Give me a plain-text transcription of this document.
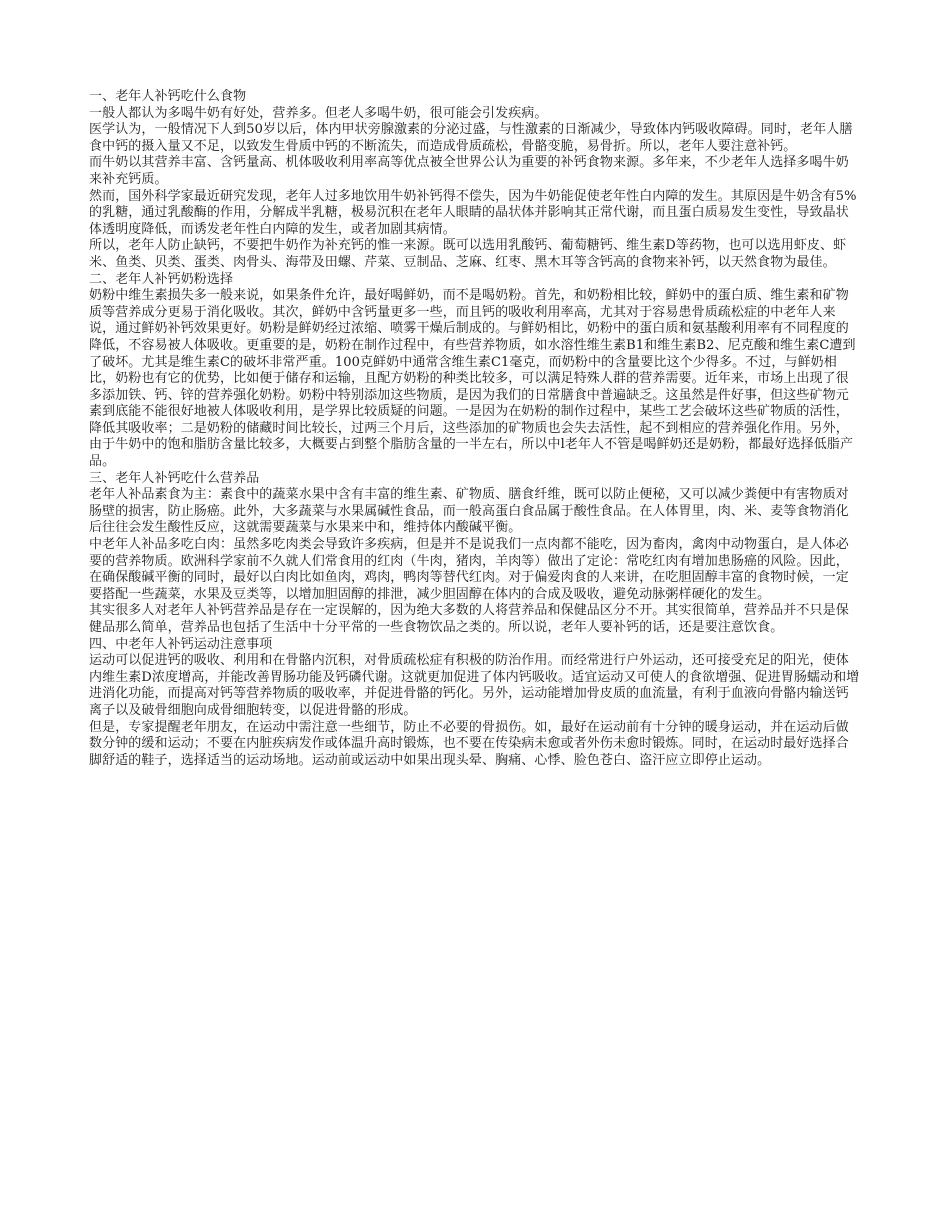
一、老年人补钙吃什么食物

一般人都认为多喝牛奶有好处，营养多。但老人多喝牛奶，很可能会引发疾病。

医学认为，一般情况下人到50岁以后，体内甲状旁腺激素的分泌过盛，与性激素的日渐减少，导致体内钙吸收障碍。同时，老年人膳食中钙的摄入量又不足，以致发生骨质中钙的不断流失，而造成骨质疏松，骨骼变脆，易骨折。所以，老年人要注意补钙。

而牛奶以其营养丰富、含钙量高、机体吸收利用率高等优点被全世界公认为重要的补钙食物来源。多年来，不少老年人选择多喝牛奶来补充钙质。

然而，国外科学家最近研究发现，老年人过多地饮用牛奶补钙得不偿失，因为牛奶能促使老年性白内障的发生。其原因是牛奶含有5%的乳糖，通过乳酸酶的作用，分解成半乳糖，极易沉积在老年人眼睛的晶状体并影响其正常代谢，而且蛋白质易发生变性，导致晶状体透明度降低，而诱发老年性白内障的发生，或者加剧其病情。

所以，老年人防止缺钙，不要把牛奶作为补充钙的惟一来源。既可以选用乳酸钙、葡萄糖钙、维生素D等药物，也可以选用虾皮、虾米、鱼类、贝类、蛋类、肉骨头、海带及田螺、芹菜、豆制品、芝麻、红枣、黑木耳等含钙高的食物来补钙，以天然食物为最佳。

二、老年人补钙奶粉选择

奶粉中维生素损失多一般来说，如果条件允许，最好喝鲜奶，而不是喝奶粉。首先，和奶粉相比较，鲜奶中的蛋白质、维生素和矿物质等营养成分更易于消化吸收。其次，鲜奶中含钙量更多一些，而且钙的吸收利用率高，尤其对于容易患骨质疏松症的中老年人来说，通过鲜奶补钙效果更好。奶粉是鲜奶经过浓缩、喷雾干燥后制成的。与鲜奶相比，奶粉中的蛋白质和氨基酸利用率有不同程度的降低，不容易被人体吸收。更重要的是，奶粉在制作过程中，有些营养物质，如水溶性维生素B1和维生素B2、尼克酸和维生素C遭到了破坏。尤其是维生素C的破坏非常严重。100克鲜奶中通常含维生素C1毫克，而奶粉中的含量要比这个少得多。不过，与鲜奶相比，奶粉也有它的优势，比如便于储存和运输，且配方奶粉的种类比较多，可以满足特殊人群的营养需要。近年来，市场上出现了很多添加铁、钙、锌的营养强化奶粉。奶粉中特别添加这些物质，是因为我们的日常膳食中普遍缺乏。这虽然是件好事，但这些矿物元素到底能不能很好地被人体吸收利用，是学界比较质疑的问题。一是因为在奶粉的制作过程中，某些工艺会破坏这些矿物质的活性，降低其吸收率；二是奶粉的储藏时间比较长，过两三个月后，这些添加的矿物质也会失去活性，起不到相应的营养强化作用。另外，由于牛奶中的饱和脂肪含量比较多，大概要占到整个脂肪含量的一半左右，所以中l老年人不管是喝鲜奶还是奶粉，都最好选择低脂产品。

三、老年人补钙吃什么营养品

老年人补品素食为主：素食中的蔬菜水果中含有丰富的维生素、矿物质、膳食纤维，既可以防止便秘，又可以减少粪便中有害物质对肠壁的损害，防止肠癌。此外，大多蔬菜与水果属碱性食品，而一般高蛋白食品属于酸性食品。在人体胃里，肉、米、麦等食物消化后往往会发生酸性反应，这就需要蔬菜与水果来中和，维持体内酸碱平衡。

中老年人补品多吃白肉：虽然多吃肉类会导致许多疾病，但是并不是说我们一点肉都不能吃，因为畜肉，禽肉中动物蛋白，是人体必要的营养物质。欧洲科学家前不久就人们常食用的红肉（牛肉，猪肉，羊肉等）做出了定论：常吃红肉有增加患肠癌的风险。因此，在确保酸碱平衡的同时，最好以白肉比如鱼肉，鸡肉，鸭肉等替代红肉。对于偏爱肉食的人来讲，在吃胆固醇丰富的食物时候，一定要搭配一些蔬菜，水果及豆类等，以增加胆固醇的排泄，减少胆固醇在体内的合成及吸收，避免动脉粥样硬化的发生。

其实很多人对老年人补钙营养品是存在一定误解的，因为绝大多数的人将营养品和保健品区分不开。其实很简单，营养品并不只是保健品那么简单，营养品也包括了生活中十分平常的一些食物饮品之类的。所以说，老年人要补钙的话，还是要注意饮食。

四、中老年人补钙运动注意事项

运动可以促进钙的吸收、利用和在骨骼内沉积，对骨质疏松症有积极的防治作用。而经常进行户外运动，还可接受充足的阳光，使体内维生素D浓度增高，并能改善胃肠功能及钙磷代谢。这就更加促进了体内钙吸收。适宜运动又可使人的食欲增强、促进胃肠蠕动和增进消化功能，而提高对钙等营养物质的吸收率，并促进骨骼的钙化。另外，运动能增加骨皮质的血流量，有利于血液向骨骼内输送钙离子以及破骨细胞向成骨细胞转变，以促进骨骼的形成。

但是，专家提醒老年朋友，在运动中需注意一些细节，防止不必要的骨损伤。如，最好在运动前有十分钟的暖身运动，并在运动后做数分钟的缓和运动；不要在内脏疾病发作或体温升高时锻炼，也不要在传染病未愈或者外伤未愈时锻炼。同时，在运动时最好选择合脚舒适的鞋子，选择适当的运动场地。运动前或运动中如果出现头晕、胸痛、心悸、脸色苍白、盗汗应立即停止运动。
